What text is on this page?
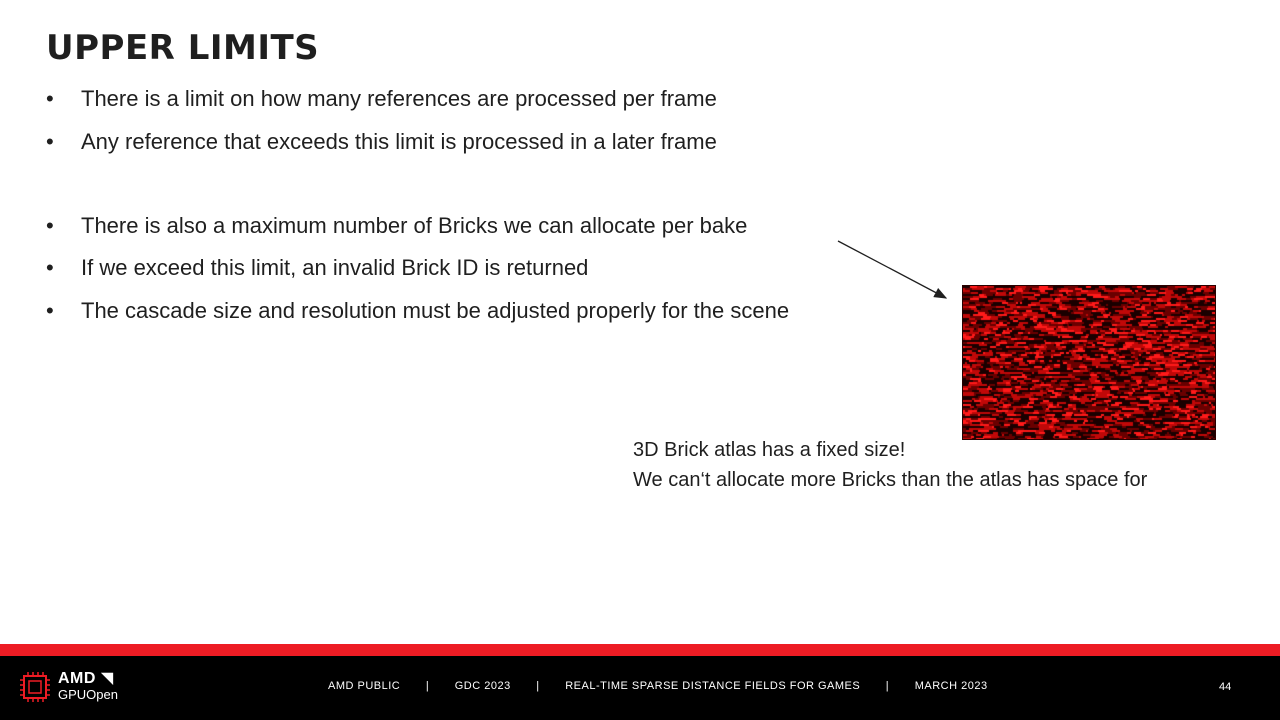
UPPER LIMITS
•	There is a limit on how many references are processed per frame
•	Any reference that exceeds this limit is processed in a later frame
•	There is also a maximum number of Bricks we can allocate per bake
•	If we exceed this limit, an invalid Brick ID is returned
•	The cascade size and resolution must be adjusted properly for the scene
3D Brick atlas has a fixed size!
We can‘t allocate more Bricks than the atlas has space for
AMD ◥
GPUOpen
AMD PUBLIC | GDC 2023 | REAL-TIME SPARSE DISTANCE FIELDS FOR GAMES | MARCH 2023	44
